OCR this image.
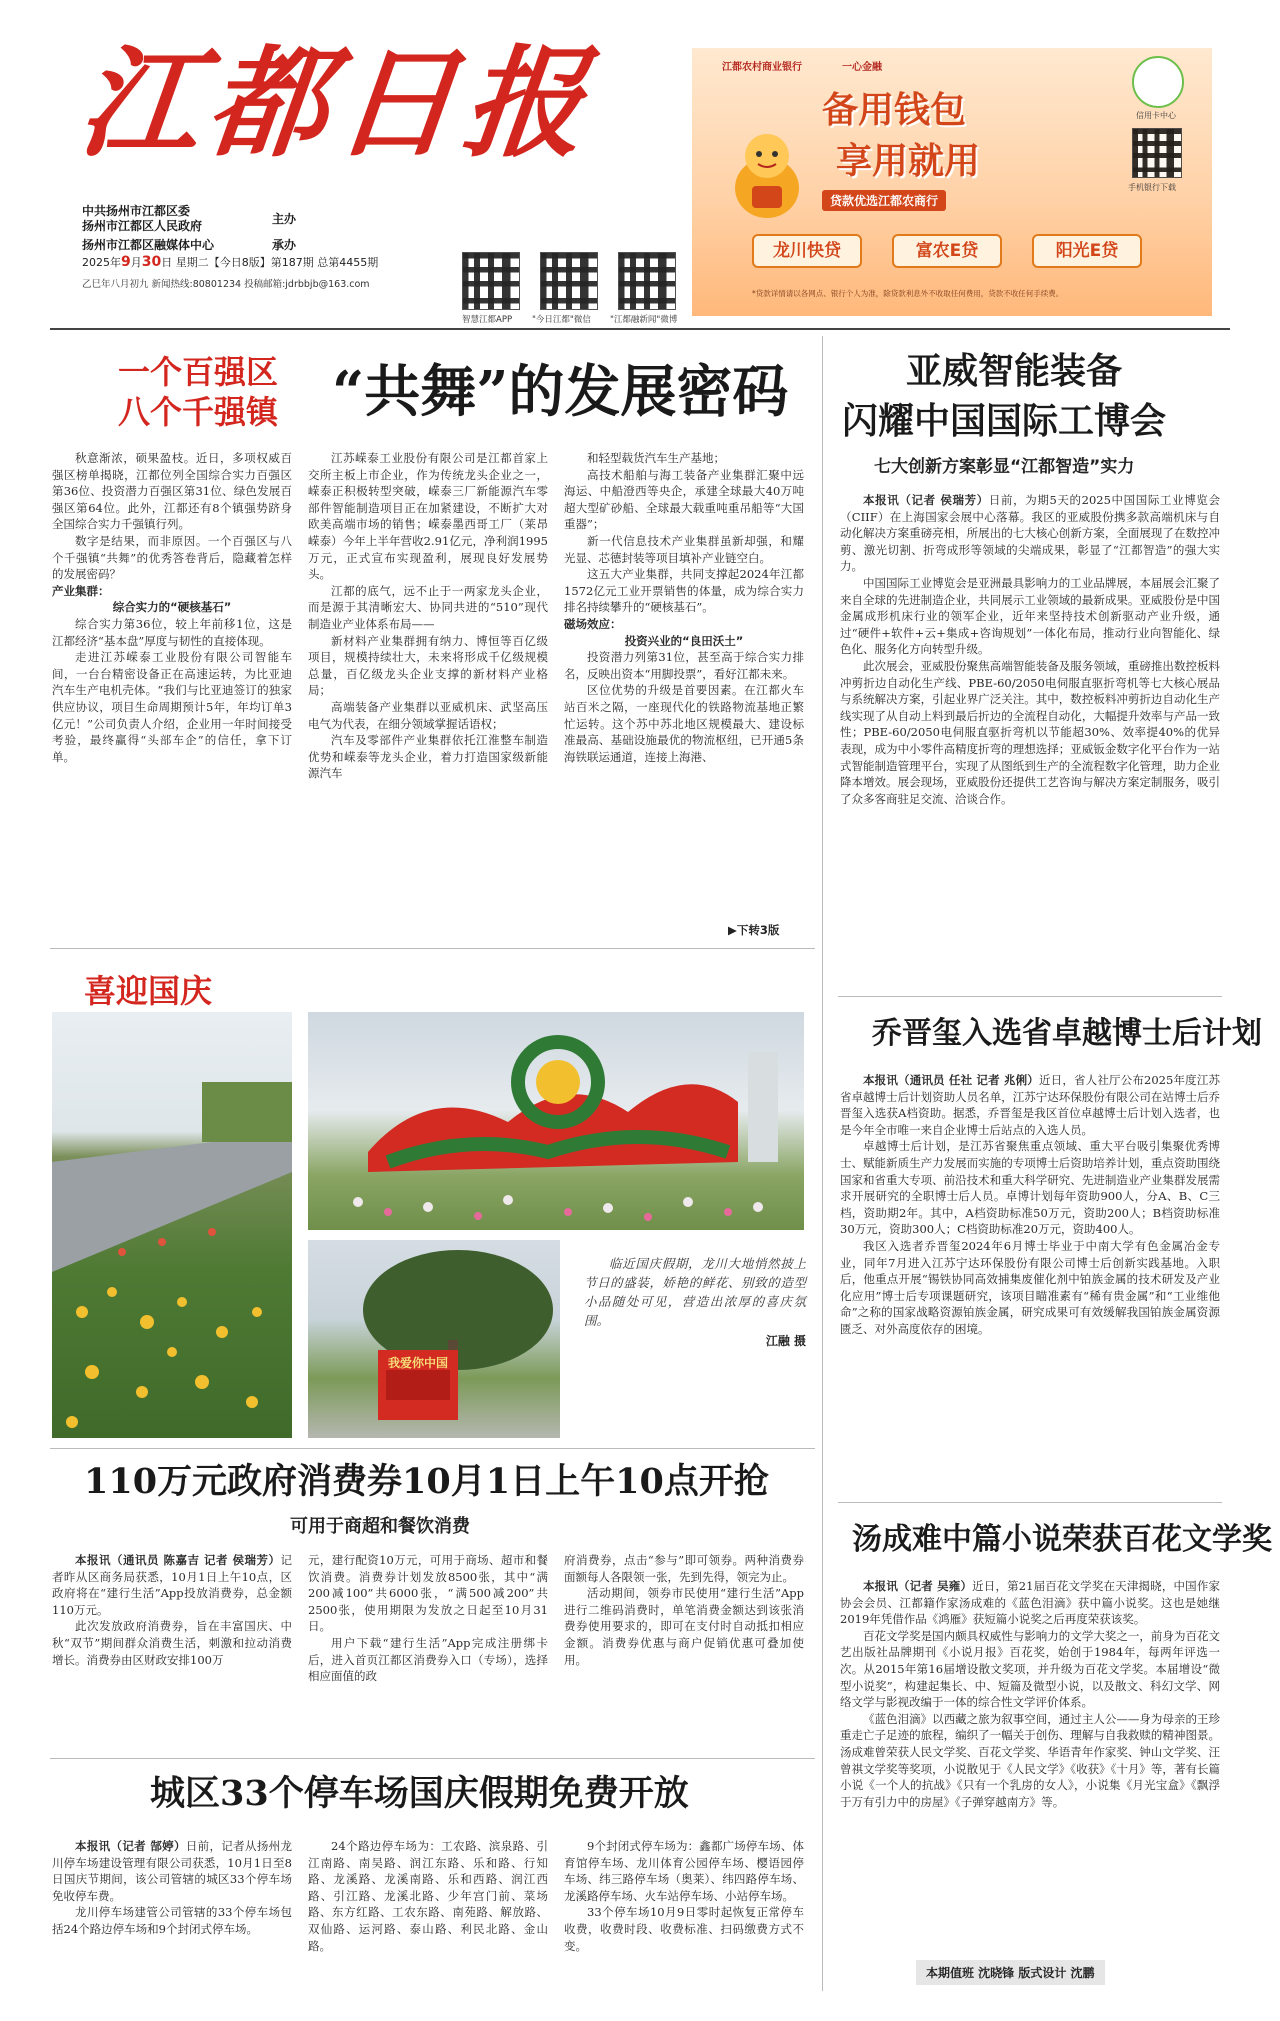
江都日报
中共扬州市江都区委
扬州市江都区人民政府
扬州市江都区融媒体中心
主办
承办
2025年9月30日 星期二【今日8版】第187期 总第4455期
乙巳年八月初九 新闻热线:80801234 投稿邮箱:jdrbbjb@163.com
智慧江都APP "今日江都"微信 "江都融新闻"微博
江都农村商业银行	一心金融
备用钱包
享用就用
贷款优选江都农商行
信用卡中心
手机银行下载
龙川快贷	富农E贷	阳光E贷
*贷款详情请以各网点、银行个人为准，除贷款利息外不收取任何费用，贷款不收任何手续费。
一个百强区
八个千强镇 “共舞”的发展密码

秋意渐浓，硕果盈枝。近日，多项权威百强区榜单揭晓，江都位列全国综合实力百强区第36位、投资潜力百强区第31位、绿色发展百强区第64位。此外，江都还有8个镇强势跻身全国综合实力千强镇行列。

数字是结果，而非原因。一个百强区与八个千强镇“共舞”的优秀答卷背后，隐藏着怎样的发展密码？

产业集群：

综合实力的“硬核基石”

综合实力第36位，较上年前移1位，这是江都经济“基本盘”厚度与韧性的直接体现。

走进江苏嵘泰工业股份有限公司智能车间，一台台精密设备正在高速运转，为比亚迪汽车生产电机壳体。“我们与比亚迪签订的独家供应协议，项目生命周期预计5年，年均订单3亿元！”公司负责人介绍，企业用一年时间接受考验，最终赢得“头部车企”的信任，拿下订单。

江苏嵘泰工业股份有限公司是江都首家上交所主板上市企业，作为传统龙头企业之一，嵘泰正积极转型突破，嵘泰三厂新能源汽车零部件智能制造项目正在加紧建设，不断扩大对欧美高端市场的销售；嵘泰墨西哥工厂（莱昂嵘泰）今年上半年营收2.91亿元，净利润1995万元，正式宣布实现盈利，展现良好发展势头。

江都的底气，远不止于一两家龙头企业，而是源于其清晰宏大、协同共进的“510”现代制造业产业体系布局——

新材料产业集群拥有纳力、博恒等百亿级项目，规模持续壮大，未来将形成千亿级规模总量，百亿级龙头企业支撑的新材料产业格局；

高端装备产业集群以亚威机床、武坚高压电气为代表，在细分领域掌握话语权；

汽车及零部件产业集群依托江淮整车制造优势和嵘泰等龙头企业，着力打造国家级新能源汽车

和轻型载货汽车生产基地；

高技术船舶与海工装备产业集群汇聚中远海运、中船澄西等央企，承建全球最大40万吨超大型矿砂船、全球最大载重吨重吊船等“大国重器”；

新一代信息技术产业集群虽新却强，和耀光显、芯德封装等项目填补产业链空白。

这五大产业集群，共同支撑起2024年江都1572亿元工业开票销售的体量，成为综合实力排名持续攀升的“硬核基石”。

磁场效应：

投资兴业的“良田沃土”

投资潜力列第31位，甚至高于综合实力排名，反映出资本“用脚投票”，看好江都未来。

区位优势的升级是首要因素。在江都火车站百米之隔，一座现代化的铁路物流基地正繁忙运转。这个苏中苏北地区规模最大、建设标准最高、基础设施最优的物流枢纽，已开通5条海铁联运通道，连接上海港、

▶下转3版
亚威智能装备
闪耀中国国际工博会
七大创新方案彰显“江都智造”实力

本报讯（记者 侯瑞芳）日前，为期5天的2025中国国际工业博览会（CIIF）在上海国家会展中心落幕。我区的亚威股份携多款高端机床与自动化解决方案重磅亮相，所展出的七大核心创新方案，全面展现了在数控冲剪、激光切割、折弯成形等领域的尖端成果，彰显了“江都智造”的强大实力。

中国国际工业博览会是亚洲最具影响力的工业品牌展，本届展会汇聚了来自全球的先进制造企业，共同展示工业领域的最新成果。亚威股份是中国金属成形机床行业的领军企业，近年来坚持技术创新驱动产业升级，通过“硬件+软件+云+集成+咨询规划”一体化布局，推动行业向智能化、绿色化、服务化方向转型升级。

此次展会，亚威股份聚焦高端智能装备及服务领域，重磅推出数控板料冲剪折边自动化生产线、PBE-60/2050电伺服直驱折弯机等七大核心展品与系统解决方案，引起业界广泛关注。其中，数控板料冲剪折边自动化生产线实现了从自动上料到最后折边的全流程自动化，大幅提升效率与产品一致性；PBE-60/2050电伺服直驱折弯机以节能超30%、效率提40%的优异表现，成为中小零件高精度折弯的理想选择；亚威钣金数字化平台作为一站式智能制造管理平台，实现了从图纸到生产的全流程数字化管理，助力企业降本增效。展会现场，亚威股份还提供工艺咨询与解决方案定制服务，吸引了众多客商驻足交流、洽谈合作。

喜迎国庆
我爱你中国
临近国庆假期，龙川大地悄然披上节日的盛装，娇艳的鲜花、别致的造型小品随处可见，营造出浓厚的喜庆氛围。
江融 摄
乔晋玺入选省卓越博士后计划

本报讯（通讯员 任社 记者 兆俐）近日，省人社厅公布2025年度江苏省卓越博士后计划资助人员名单，江苏宁达环保股份有限公司在站博士后乔晋玺入选获A档资助。据悉，乔晋玺是我区首位卓越博士后计划入选者，也是今年全市唯一来自企业博士后站点的入选人员。

卓越博士后计划，是江苏省聚焦重点领域、重大平台吸引集聚优秀博士、赋能新质生产力发展而实施的专项博士后资助培养计划，重点资助围绕国家和省重大专项、前沿技术和重大科学研究、先进制造业产业集群发展需求开展研究的全职博士后人员。卓博计划每年资助900人，分A、B、C三档，资助期2年。其中，A档资助标准50万元，资助200人；B档资助标准30万元，资助300人；C档资助标准20万元，资助400人。

我区入选者乔晋玺2024年6月博士毕业于中南大学有色金属冶金专业，同年7月进入江苏宁达环保股份有限公司博士后创新实践基地。入职后，他重点开展“锡铁协同高效捕集废催化剂中铂族金属的技术研发及产业化应用”博士后专项课题研究，该项目瞄准素有“稀有贵金属”和“工业维他命”之称的国家战略资源铂族金属，研究成果可有效缓解我国铂族金属资源匮乏、对外高度依存的困境。

110万元政府消费券10月1日上午10点开抢
可用于商超和餐饮消费

本报讯（通讯员 陈嘉吉 记者 侯瑞芳）记者昨从区商务局获悉，10月1日上午10点，区政府将在“建行生活”App投放消费券，总金额110万元。

此次发放政府消费券，旨在丰富国庆、中秋“双节”期间群众消费生活，刺激和拉动消费增长。消费券由区财政安排100万

元，建行配资10万元，可用于商场、超市和餐饮消费。消费券计划发放8500张，其中“满200减100”共6000张，“满500减200”共2500张，使用期限为发放之日起至10月31日。

用户下载“建行生活”App完成注册绑卡后，进入首页江都区消费券入口（专场），选择相应面值的政

府消费券，点击“参与”即可领券。两种消费券面额每人各限领一张，先到先得，领完为止。

活动期间，领券市民使用“建行生活”App进行二维码消费时，单笔消费金额达到该张消费券使用要求的，即可在支付时自动抵扣相应金额。消费券优惠与商户促销优惠可叠加使用。

城区33个停车场国庆假期免费开放

本报讯（记者 郜婷）日前，记者从扬州龙川停车场建设管理有限公司获悉，10月1日至8日国庆节期间，该公司管辖的城区33个停车场免收停车费。

龙川停车场建管公司管辖的33个停车场包括24个路边停车场和9个封闭式停车场。

24个路边停车场为：工农路、滨泉路、引江南路、南吴路、润江东路、乐和路、行知路、龙溪路、龙溪南路、乐和西路、润江西路、引江路、龙溪北路、少年宫门前、菜场路、东方红路、工农东路、南苑路、解放路、双仙路、运河路、泰山路、利民北路、金山路。

9个封闭式停车场为：鑫都广场停车场、体育馆停车场、龙川体育公园停车场、樱语园停车场、纬三路停车场（奥莱）、纬四路停车场、龙溪路停车场、火车站停车场、小站停车场。

33个停车场10月9日零时起恢复正常停车收费，收费时段、收费标准、扫码缴费方式不变。

汤成难中篇小说荣获百花文学奖

本报讯（记者 吴雍）近日，第21届百花文学奖在天津揭晓，中国作家协会会员、江都籍作家汤成难的《蓝色泪滴》获中篇小说奖。这也是她继2019年凭借作品《鸿雁》获短篇小说奖之后再度荣获该奖。

百花文学奖是国内颇具权威性与影响力的文学大奖之一，前身为百花文艺出版社品牌期刊《小说月报》百花奖，始创于1984年，每两年评选一次。从2015年第16届增设散文奖项，并升级为百花文学奖。本届增设“微型小说奖”，构建起集长、中、短篇及微型小说，以及散文、科幻文学、网络文学与影视改编于一体的综合性文学评价体系。

《蓝色泪滴》以西藏之旅为叙事空间，通过主人公——身为母亲的王珍重走亡子足迹的旅程，编织了一幅关于创伤、理解与自我救赎的精神图景。汤成难曾荣获人民文学奖、百花文学奖、华语青年作家奖、钟山文学奖、汪曾祺文学奖等奖项，小说散见于《人民文学》《收获》《十月》等，著有长篇小说《一个人的抗战》《只有一个乳房的女人》，小说集《月光宝盒》《飘浮于万有引力中的房屋》《子弹穿越南方》等。

本期值班 沈晓锋 版式设计 沈鹏
